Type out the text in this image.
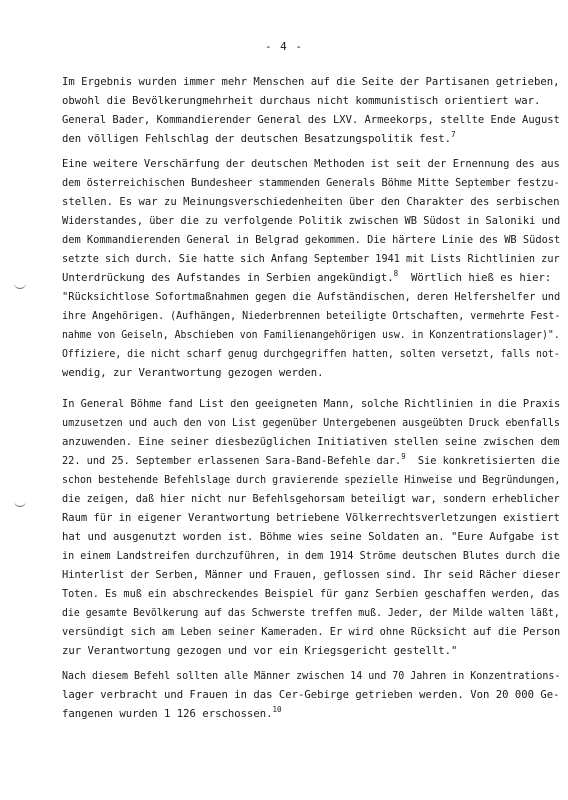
- 4 -
Im Ergebnis wurden immer mehr Menschen auf die Seite der Partisanen getrieben,
obwohl die Bevölkerungmehrheit durchaus nicht kommunistisch orientiert war.
General Bader, Kommandierender General des LXV. Armeekorps, stellte Ende August
den völligen Fehlschlag der deutschen Besatzungspolitik fest.$^7$
Eine weitere Verschärfung der deutschen Methoden ist seit der Ernennung des aus
dem österreichischen Bundesheer stammenden Generals Böhme Mitte September festzu-
stellen. Es war zu Meinungsverschiedenheiten über den Charakter des serbischen
Widerstandes, über die zu verfolgende Politik zwischen WB Südost in Saloniki und
dem Kommandierenden General in Belgrad gekommen. Die härtere Linie des WB Südost
setzte sich durch. Sie hatte sich Anfang September 1941 mit Lists Richtlinien zur
Unterdrückung des Aufstandes in Serbien angekündigt.$^8$ Wörtlich hieß es hier:
"Rücksichtlose Sofortmaßnahmen gegen die Aufständischen, deren Helfershelfer und
ihre Angehörigen. (Aufhängen, Niederbrennen beteiligte Ortschaften, vermehrte Fest-
nahme von Geiseln, Abschieben von Familienangehörigen usw. in Konzentrationslager)".
Offiziere, die nicht scharf genug durchgegriffen hatten, solten versetzt, falls not-
wendig, zur Verantwortung gezogen werden.
In General Böhme fand List den geeigneten Mann, solche Richtlinien in die Praxis
umzusetzen und auch den von List gegenüber Untergebenen ausgeübten Druck ebenfalls
anzuwenden. Eine seiner diesbezüglichen Initiativen stellen seine zwischen dem
22. und 25. September erlassenen Sara-Band-Befehle dar.$^9$ Sie konkretisierten die
schon bestehende Befehlslage durch gravierende spezielle Hinweise und Begründungen,
die zeigen, daß hier nicht nur Befehlsgehorsam beteiligt war, sondern erheblicher
Raum für in eigener Verantwortung betriebene Völkerrechtsverletzungen existiert
hat und ausgenutzt worden ist. Böhme wies seine Soldaten an. "Eure Aufgabe ist
in einem Landstreifen durchzuführen, in dem 1914 Ströme deutschen Blutes durch die
Hinterlist der Serben, Männer und Frauen, geflossen sind. Ihr seid Rächer dieser
Toten. Es muß ein abschreckendes Beispiel für ganz Serbien geschaffen werden, das
die gesamte Bevölkerung auf das Schwerste treffen muß. Jeder, der Milde walten läßt,
versündigt sich am Leben seiner Kameraden. Er wird ohne Rücksicht auf die Person
zur Verantwortung gezogen und vor ein Kriegsgericht gestellt."
Nach diesem Befehl sollten alle Männer zwischen 14 und 70 Jahren in Konzentrations-
lager verbracht und Frauen in das Cer-Gebirge getrieben werden. Von 20 000 Ge-
fangenen wurden 1 126 erschossen.$^{10}$
